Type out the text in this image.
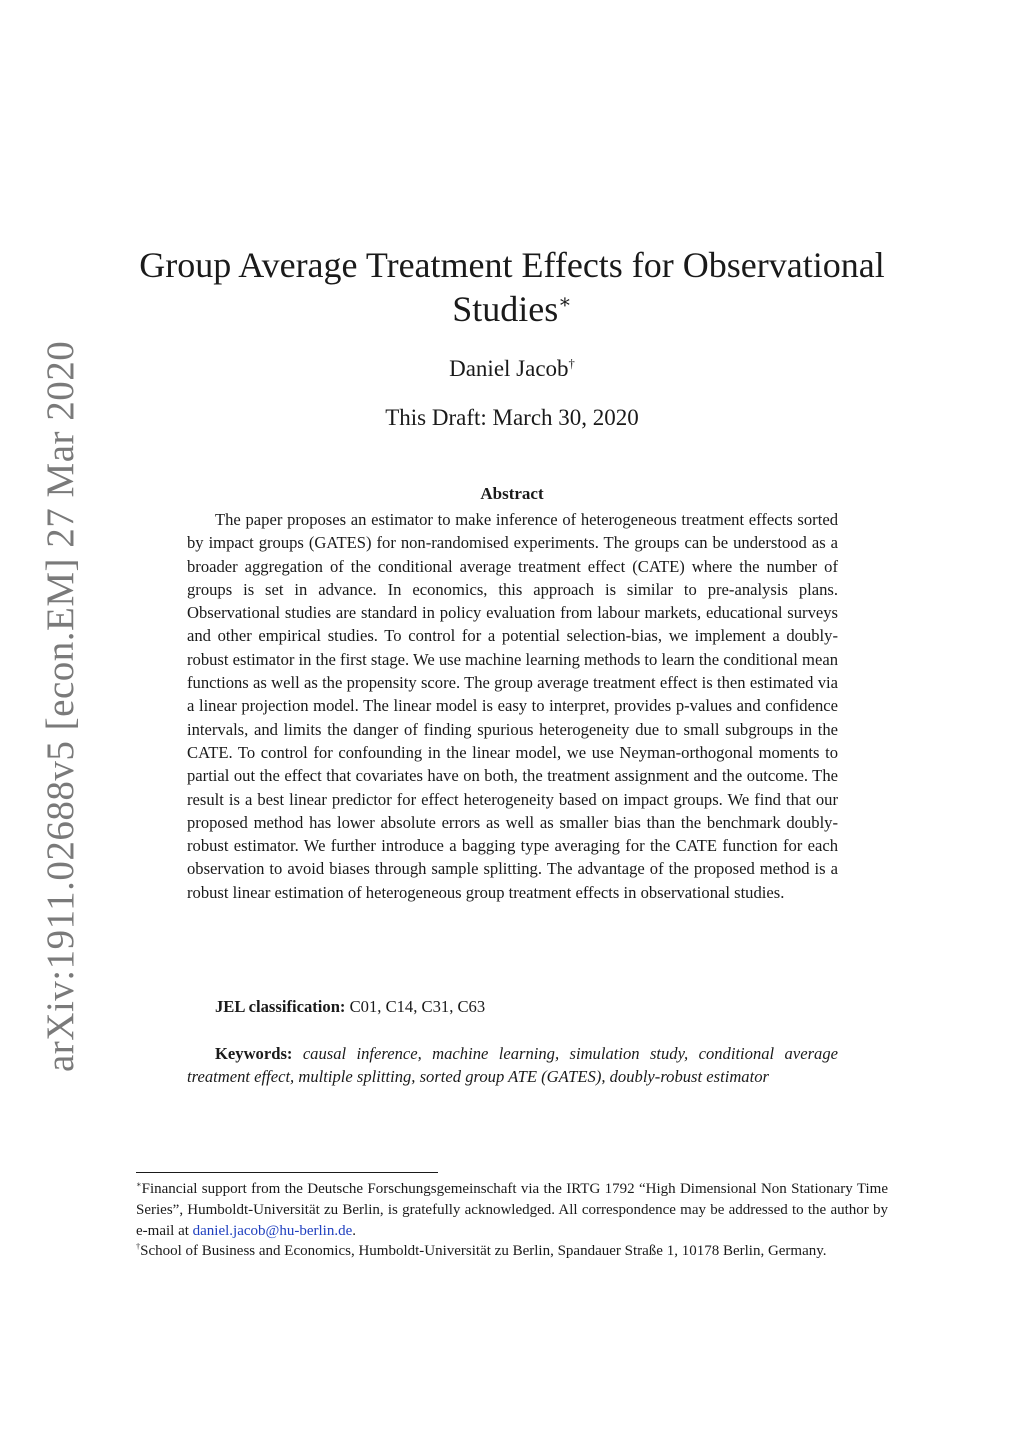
arXiv:1911.02688v5 [econ.EM] 27 Mar 2020
Group Average Treatment Effects for Observational
Studies∗
Daniel Jacob†
This Draft: March 30, 2020
Abstract

The paper proposes an estimator to make inference of heterogeneous treatment effects sorted by impact groups (GATES) for non-randomised experiments. The groups can be understood as a broader aggregation of the conditional average treatment effect (CATE) where the number of groups is set in advance. In economics, this approach is similar to pre-analysis plans. Observational studies are standard in policy evaluation from labour markets, educational surveys and other empirical studies. To control for a potential selection-bias, we implement a doubly-robust estimator in the first stage. We use machine learning methods to learn the conditional mean functions as well as the propensity score. The group average treatment effect is then estimated via a linear projection model. The linear model is easy to interpret, provides p-values and confidence intervals, and limits the danger of finding spurious heterogeneity due to small subgroups in the CATE. To control for confounding in the linear model, we use Neyman-orthogonal moments to partial out the effect that covariates have on both, the treatment assignment and the outcome. The result is a best linear predictor for effect heterogeneity based on impact groups. We find that our proposed method has lower absolute errors as well as smaller bias than the benchmark doubly-robust estimator. We further introduce a bagging type averaging for the CATE function for each observation to avoid biases through sample splitting. The advantage of the proposed method is a robust linear estimation of heterogeneous group treatment effects in observational studies.

JEL classification: C01, C14, C31, C63

Keywords: causal inference, machine learning, simulation study, conditional average treatment effect, multiple splitting, sorted group ATE (GATES), doubly-robust estimator

∗Financial support from the Deutsche Forschungsgemeinschaft via the IRTG 1792 “High Dimensional Non Stationary Time Series”, Humboldt-Universität zu Berlin, is gratefully acknowledged. All correspondence may be addressed to the author by e-mail at daniel.jacob@hu-berlin.de.

†School of Business and Economics, Humboldt-Universität zu Berlin, Spandauer Straße 1, 10178 Berlin, Germany.
